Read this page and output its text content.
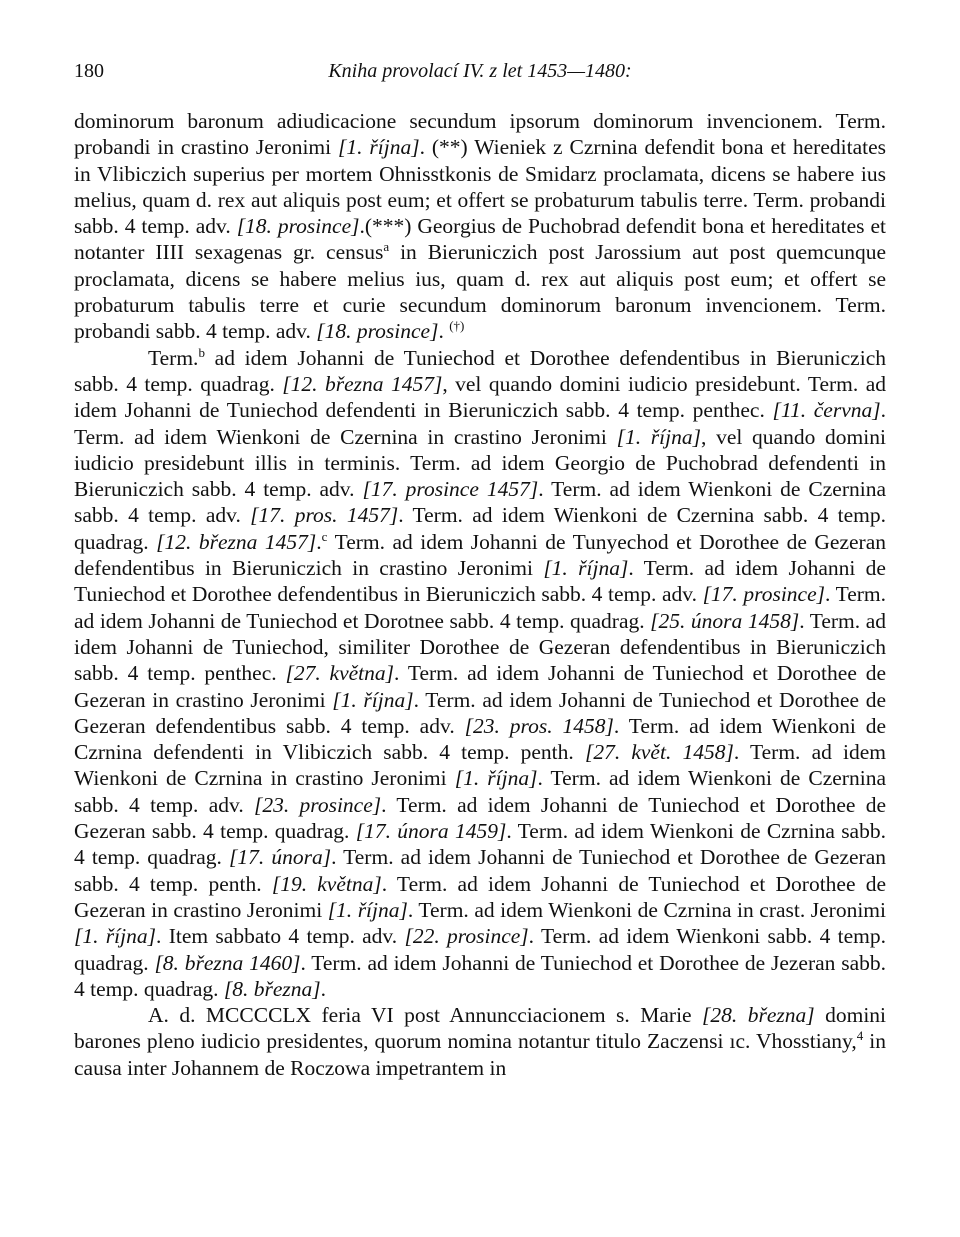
180	Kniha provolací IV. z let 1453—1480:

dominorum baronum adiudicacione secundum ipsorum dominorum invencionem. Term. probandi in crastino Jeronimi [1. října]. (**) Wieniek z Czrnina defendit bona et hereditates in Vlibiczich superius per mortem Ohnisstkonis de Smidarz proclamata, dicens se habere ius melius, quam d. rex aut aliquis post eum; et offert se probaturum tabulis terre. Term. probandi sabb. 4 temp. adv. [18. prosince].(***) Georgius de Puchobrad defendit bona et hereditates et notanter IIII sexagenas gr. census$^a$ in Bieruniczich post Jarossium aut post quemcunque proclamata, dicens se habere melius ius, quam d. rex aut aliquis post eum; et offert se probaturum tabulis terre et curie secundum dominorum baronum invencionem. Term. probandi sabb. 4 temp. adv. [18. prosince]. (†)

Term.$^b$ ad idem Johanni de Tuniechod et Dorothee defendentibus in Bieruniczich sabb. 4 temp. quadrag. [12. března 1457], vel quando domini iudicio presidebunt. Term. ad idem Johanni de Tuniechod defendenti in Bieruniczich sabb. 4 temp. penthec. [11. června]. Term. ad idem Wienkoni de Czernina in crastino Jeronimi [1. října], vel quando domini iudicio presidebunt illis in terminis. Term. ad idem Georgio de Puchobrad defendenti in Bieruniczich sabb. 4 temp. adv. [17. prosince 1457]. Term. ad idem Wienkoni de Czernina sabb. 4 temp. adv. [17. pros. 1457]. Term. ad idem Wienkoni de Czernina sabb. 4 temp. quadrag. [12. března 1457].$^c$ Term. ad idem Johanni de Tunyechod et Dorothee de Gezeran defendentibus in Bieruniczich in crastino Jeronimi [1. října]. Term. ad idem Johanni de Tuniechod et Dorothee defendentibus in Bieruniczich sabb. 4 temp. adv. [17. prosince]. Term. ad idem Johanni de Tuniechod et Dorotnee sabb. 4 temp. quadrag. [25. února 1458]. Term. ad idem Johanni de Tuniechod, similiter Dorothee de Gezeran defendentibus in Bieruniczich sabb. 4 temp. penthec. [27. května]. Term. ad idem Johanni de Tuniechod et Dorothee de Gezeran in crastino Jeronimi [1. října]. Term. ad idem Johanni de Tuniechod et Dorothee de Gezeran defendentibus sabb. 4 temp. adv. [23. pros. 1458]. Term. ad idem Wienkoni de Czrnina defendenti in Vlibiczich sabb. 4 temp. penth. [27. květ. 1458]. Term. ad idem Wienkoni de Czrnina in crastino Jeronimi [1. října]. Term. ad idem Wienkoni de Czernina sabb. 4 temp. adv. [23. prosince]. Term. ad idem Johanni de Tuniechod et Dorothee de Gezeran sabb. 4 temp. quadrag. [17. února 1459]. Term. ad idem Wienkoni de Czrnina sabb. 4 temp. quadrag. [17. února]. Term. ad idem Johanni de Tuniechod et Dorothee de Gezeran sabb. 4 temp. penth. [19. května]. Term. ad idem Johanni de Tuniechod et Dorothee de Gezeran in crastino Jeronimi [1. října]. Term. ad idem Wienkoni de Czrnina in crast. Jeronimi [1. října]. Item sabbato 4 temp. adv. [22. prosince]. Term. ad idem Wienkoni sabb. 4 temp. quadrag. [8. března 1460]. Term. ad idem Johanni de Tuniechod et Dorothee de Jezeran sabb. 4 temp. quadrag. [8. března].

A. d. MCCCCLX feria VI post Annuncciacionem s. Marie [28. března] domini barones pleno iudicio presidentes, quorum nomina notantur titulo Zaczensi ıc. Vhosstiany,$^4$ in causa inter Johannem de Roczowa impetrantem in
